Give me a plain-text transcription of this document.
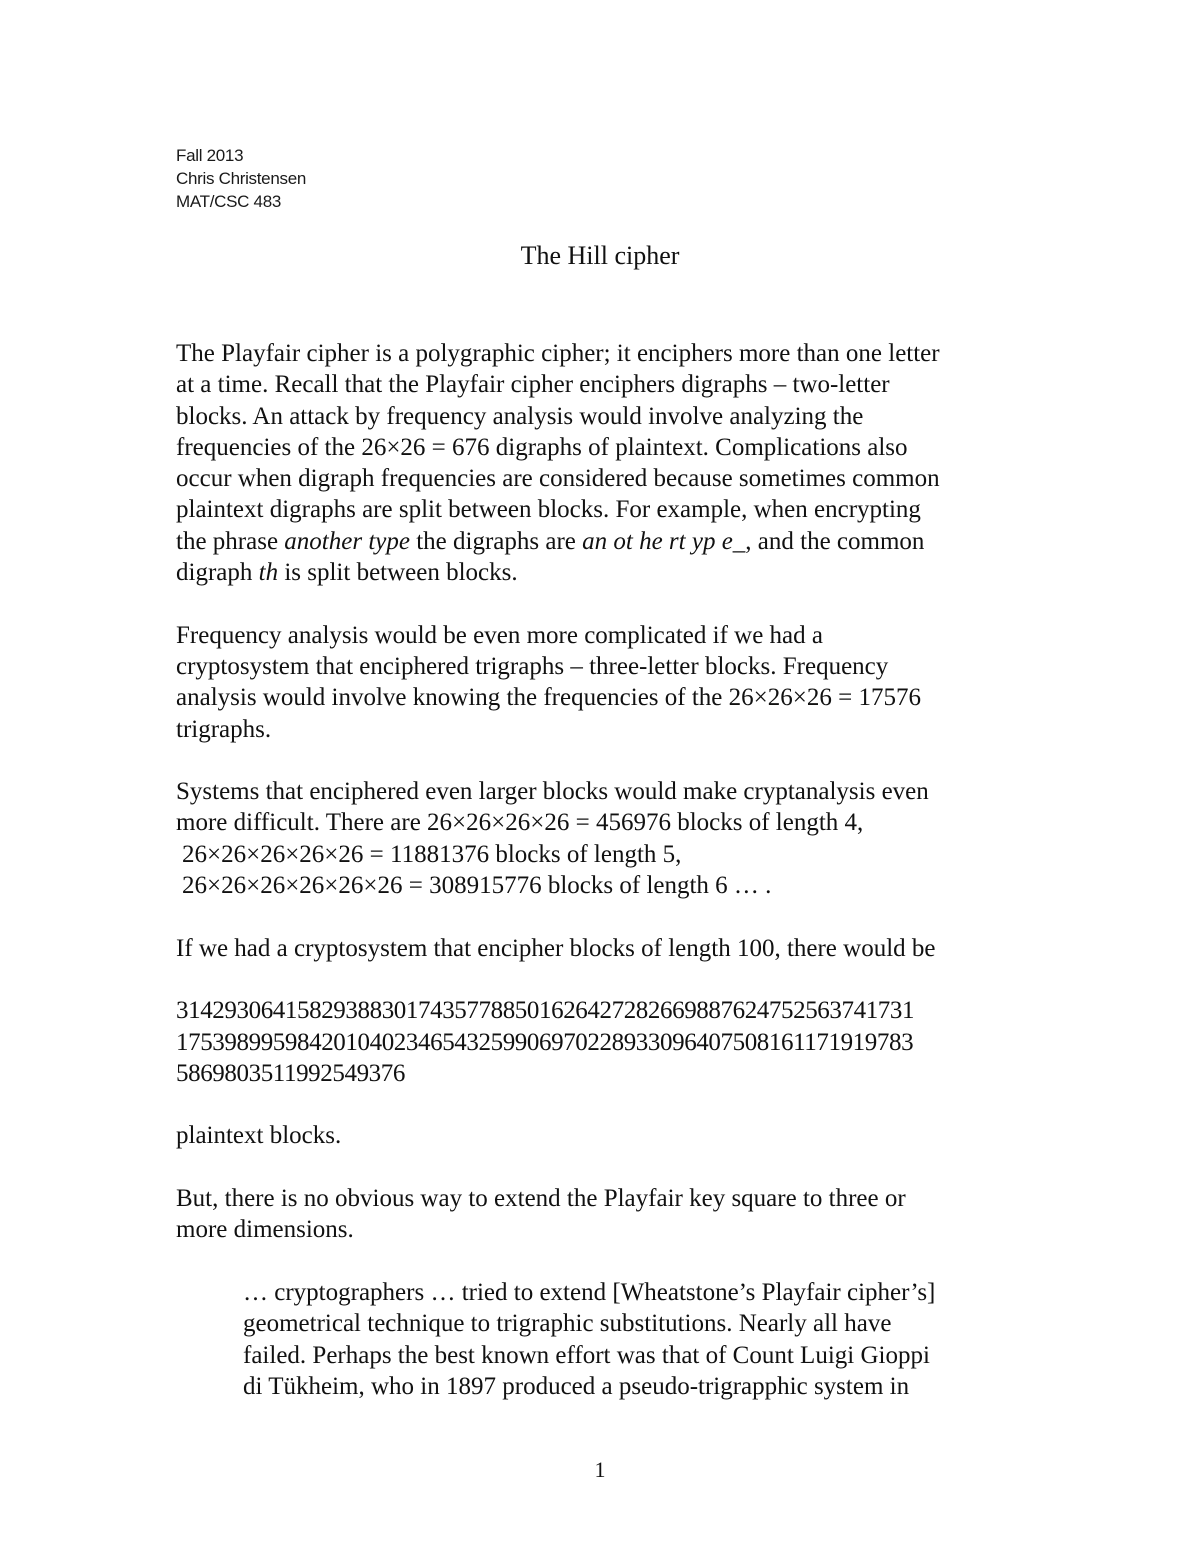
Fall 2013
Chris Christensen
MAT/CSC 483
The Hill cipher

The Playfair cipher is a polygraphic cipher; it enciphers more than one letter
at a time. Recall that the Playfair cipher enciphers digraphs – two-letter
blocks. An attack by frequency analysis would involve analyzing the
frequencies of the 26×26 = 676 digraphs of plaintext. Complications also
occur when digraph frequencies are considered because sometimes common
plaintext digraphs are split between blocks. For example, when encrypting
the phrase another type the digraphs are an ot he rt yp e_, and the common
digraph th is split between blocks.

Frequency analysis would be even more complicated if we had a
cryptosystem that enciphered trigraphs – three-letter blocks. Frequency
analysis would involve knowing the frequencies of the 26×26×26 = 17576
trigraphs.

Systems that enciphered even larger blocks would make cryptanalysis even
more difficult. There are 26×26×26×26 = 456976 blocks of length 4,
26×26×26×26×26 = 11881376 blocks of length 5,
26×26×26×26×26×26 = 308915776 blocks of length 6 … .

If we had a cryptosystem that encipher blocks of length 100, there would be

3142930641582938830174357788501626427282669887624752563741731
1753989959842010402346543259906970228933096407508161171919783
5869803511992549376

plaintext blocks.

But, there is no obvious way to extend the Playfair key square to three or
more dimensions.

… cryptographers … tried to extend [Wheatstone’s Playfair cipher’s]
geometrical technique to trigraphic substitutions. Nearly all have
failed. Perhaps the best known effort was that of Count Luigi Gioppi
di Tükheim, who in 1897 produced a pseudo-trigrapphic system in

1
